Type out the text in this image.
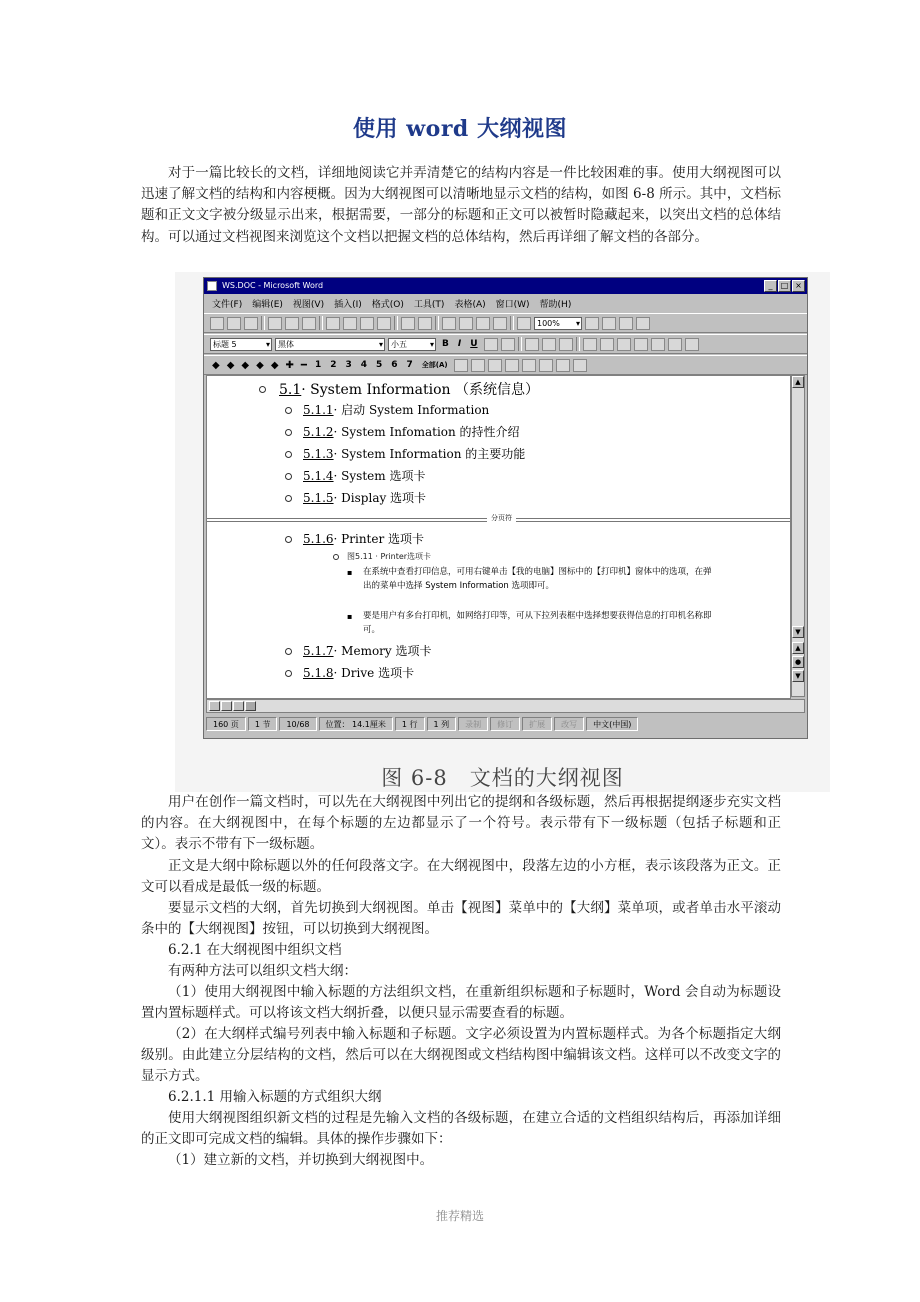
使用 word 大纲视图

对于一篇比较长的文档，详细地阅读它并弄清楚它的结构内容是一件比较困难的事。使用大纲视图可以迅速了解文档的结构和内容梗概。因为大纲视图可以清晰地显示文档的结构，如图 6-8 所示。其中，文档标题和正文文字被分级显示出来，根据需要，一部分的标题和正文可以被暂时隐藏起来，以突出文档的总体结构。可以通过文档视图来浏览这个文档以把握文档的总体结构，然后再详细了解文档的各部分。

WS.DOC - Microsoft Word	_	□ ×
文件(F) 编辑(E) 视图(V) 插入(I) 格式(O) 工具(T) 表格(A) 窗口(W) 帮助(H)
100% ▾
标题 5 ▾	黑体 ▾	小五 ▾	B	I	U
◆ ◆ ◆ ◆ ◆ ✚ ━ 1	2	3	4	5	6	7	全部(A)
5.1· System Information （系统信息）
5.1.1· 启动 System Information
5.1.2· System Infomation 的持性介绍
5.1.3· System Information 的主要功能
5.1.4· System 选项卡
5.1.5· Display 选项卡
分页符
5.1.6· Printer 选项卡
图5.11 · Printer选项卡
▪ 在系统中查看打印信息，可用右键单击【我的电脑】图标中的【打印机】窗体中的选项，在弹出的菜单中选择 System Information 选项即可。
▪ 要是用户有多台打印机，如网络打印等，可从下拉列表框中选择想要获得信息的打印机名称即可。
5.1.7· Memory 选项卡
5.1.8· Drive 选项卡
▲
▼
▲
●
▼
160 页	1 节	10/68	位置： 14.1厘米	1 行	1 列	录制	修订	扩展	改写	中文(中国)
图 6-8　文档的大纲视图

用户在创作一篇文档时，可以先在大纲视图中列出它的提纲和各级标题，然后再根据提纲逐步充实文档的内容。在大纲视图中，在每个标题的左边都显示了一个符号。表示带有下一级标题（包括子标题和正文）。表示不带有下一级标题。

正文是大纲中除标题以外的任何段落文字。在大纲视图中，段落左边的小方框，表示该段落为正文。正文可以看成是最低一级的标题。

要显示文档的大纲，首先切换到大纲视图。单击【视图】菜单中的【大纲】菜单项，或者单击水平滚动条中的【大纲视图】按钮，可以切换到大纲视图。

6.2.1 在大纲视图中组织文档
有两种方法可以组织文档大纲：

（1）使用大纲视图中输入标题的方法组织文档，在重新组织标题和子标题时，Word 会自动为标题设置内置标题样式。可以将该文档大纲折叠，以便只显示需要查看的标题。

（2）在大纲样式编号列表中输入标题和子标题。文字必须设置为内置标题样式。为各个标题指定大纲级别。由此建立分层结构的文档，然后可以在大纲视图或文档结构图中编辑该文档。这样可以不改变文字的显示方式。

6.2.1.1 用输入标题的方式组织大纲

使用大纲视图组织新文档的过程是先输入文档的各级标题，在建立合适的文档组织结构后，再添加详细的正文即可完成文档的编辑。具体的操作步骤如下：

（1）建立新的文档，并切换到大纲视图中。
推荐精选
